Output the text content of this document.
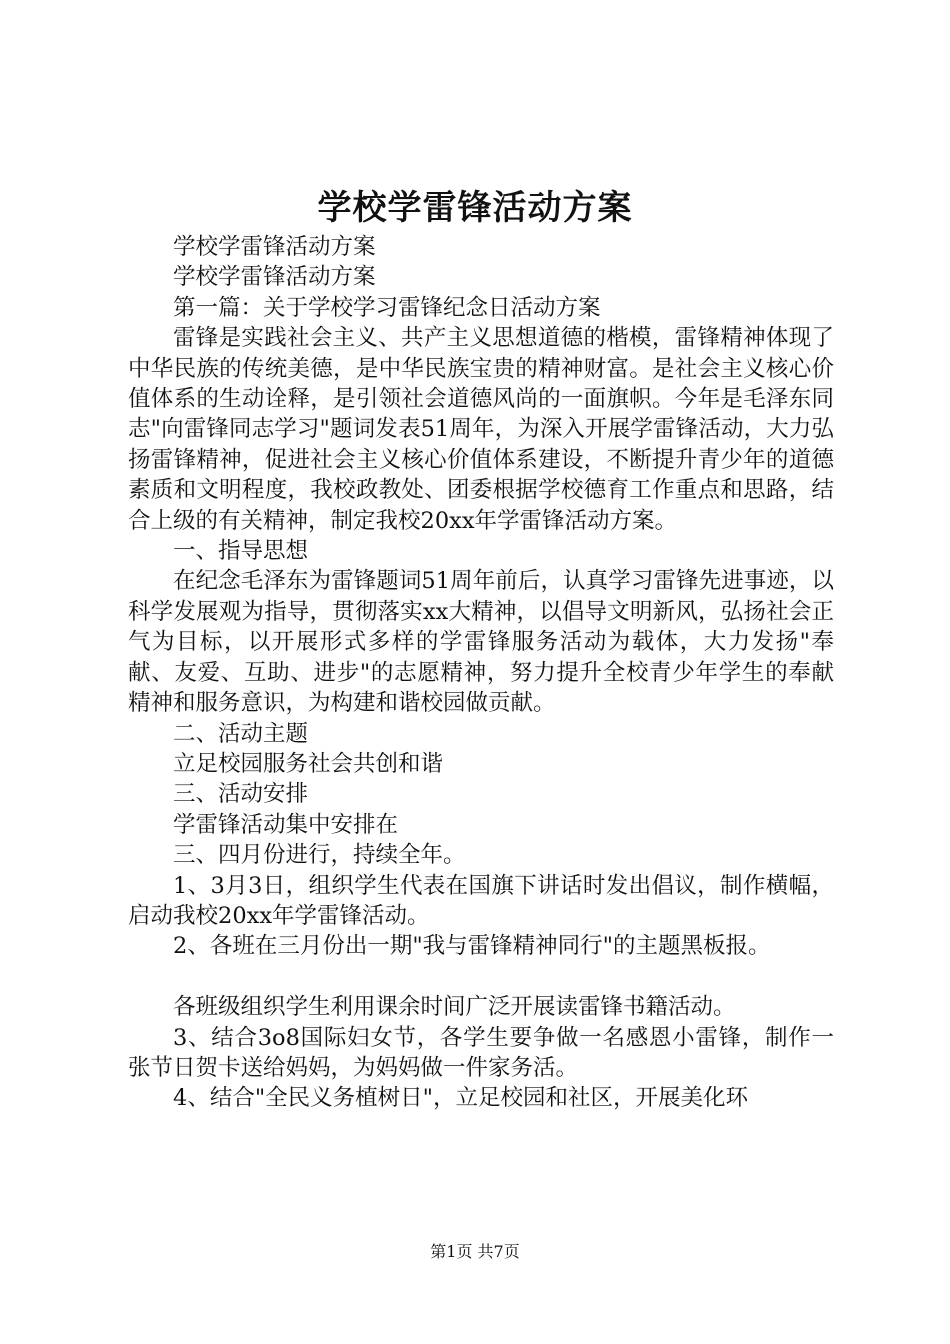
学校学雷锋活动方案

学校学雷锋活动方案

学校学雷锋活动方案

第一篇：关于学校学习雷锋纪念日活动方案

雷锋是实践社会主义、共产主义思想道德的楷模，雷锋精神体现了中华民族的传统美德，是中华民族宝贵的精神财富。是社会主义核心价值体系的生动诠释，是引领社会道德风尚的一面旗帜。今年是毛泽东同志"向雷锋同志学习"题词发表51周年，为深入开展学雷锋活动，大力弘扬雷锋精神，促进社会主义核心价值体系建设，不断提升青少年的道德素质和文明程度，我校政教处、团委根据学校德育工作重点和思路，结合上级的有关精神，制定我校20xx年学雷锋活动方案。

一、指导思想

在纪念毛泽东为雷锋题词51周年前后，认真学习雷锋先进事迹，以科学发展观为指导，贯彻落实xx大精神，以倡导文明新风，弘扬社会正气为目标，以开展形式多样的学雷锋服务活动为载体，大力发扬"奉献、友爱、互助、进步"的志愿精神，努力提升全校青少年学生的奉献精神和服务意识，为构建和谐校园做贡献。

二、活动主题

立足校园服务社会共创和谐

三、活动安排

学雷锋活动集中安排在

三、四月份进行，持续全年。

1、3月3日，组织学生代表在国旗下讲话时发出倡议，制作横幅，启动我校20xx年学雷锋活动。

2、各班在三月份出一期"我与雷锋精神同行"的主题黑板报。

各班级组织学生利用课余时间广泛开展读雷锋书籍活动。

3、结合3o8国际妇女节，各学生要争做一名感恩小雷锋，制作一张节日贺卡送给妈妈，为妈妈做一件家务活。

4、结合"全民义务植树日"，立足校园和社区，开展美化环

第1页 共7页
